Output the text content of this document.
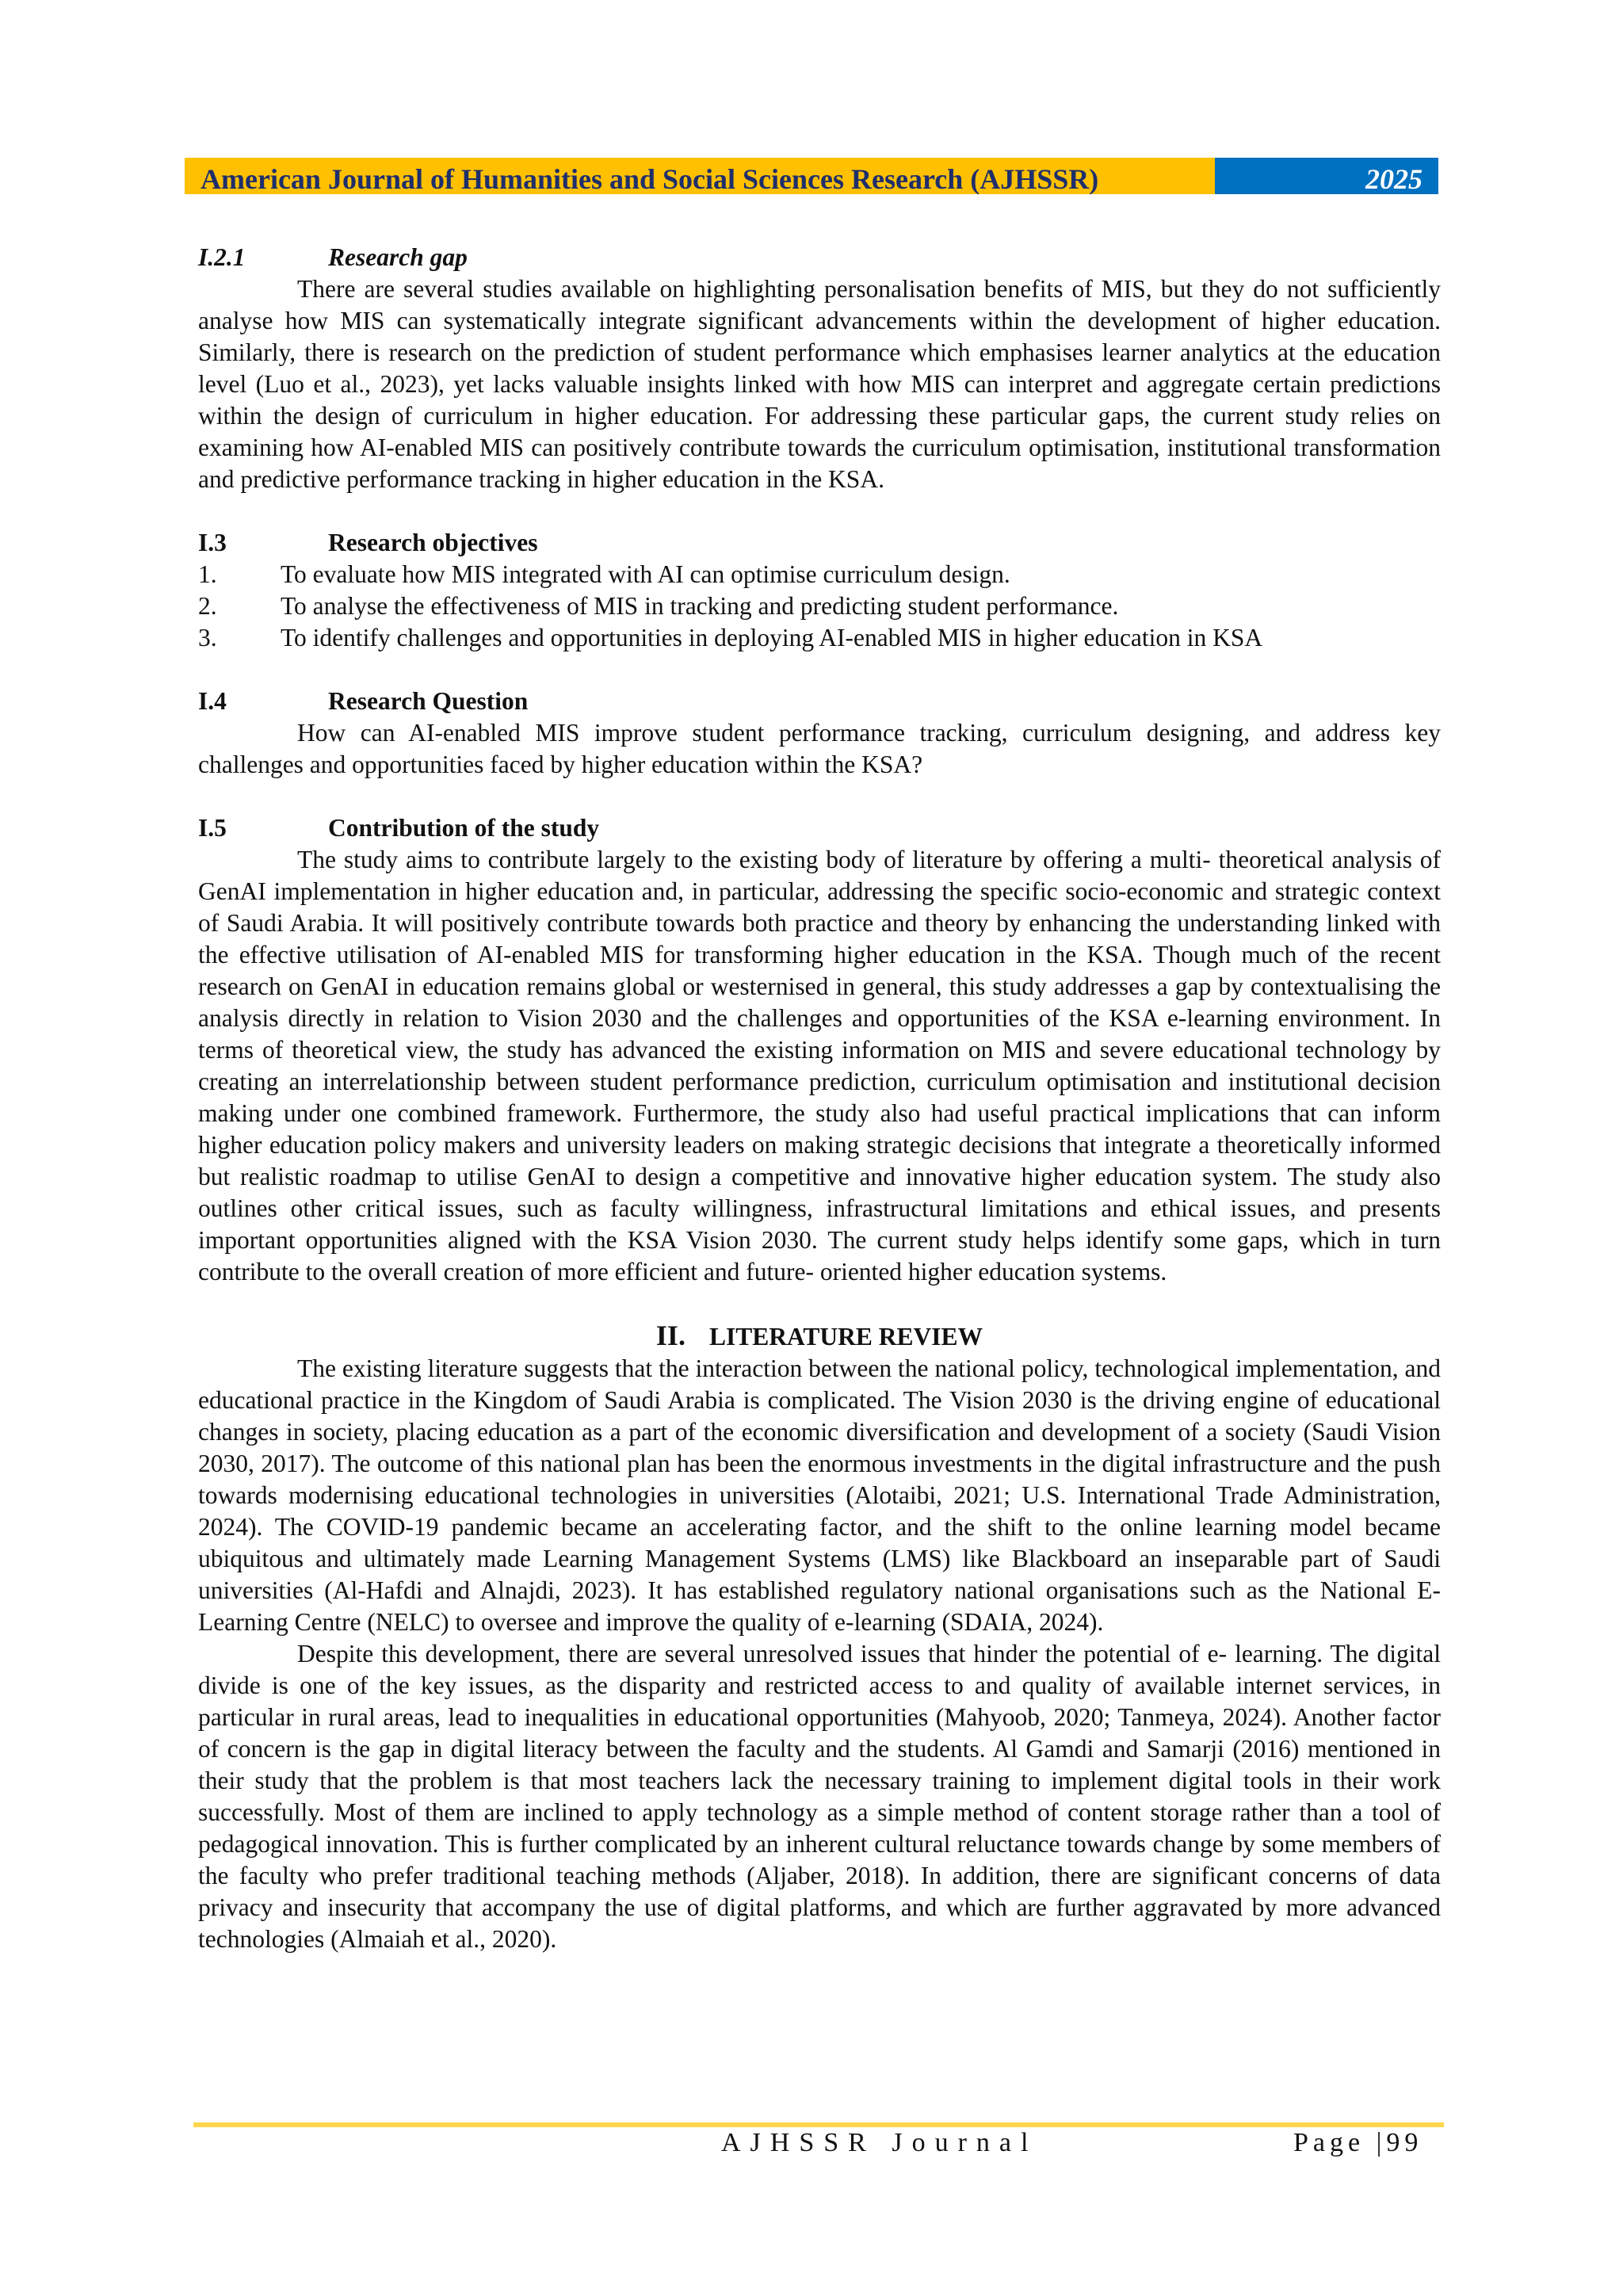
American Journal of Humanities and Social Sciences Research (AJHSSR)	2025
I.2.1	Research gap

There are several studies available on highlighting personalisation benefits of MIS, but they do not sufficiently analyse how MIS can systematically integrate significant advancements within the development of higher education. Similarly, there is research on the prediction of student performance which emphasises learner analytics at the education level (Luo et al., 2023), yet lacks valuable insights linked with how MIS can interpret and aggregate certain predictions within the design of curriculum in higher education. For addressing these particular gaps, the current study relies on examining how AI-enabled MIS can positively contribute towards the curriculum optimisation, institutional transformation and predictive performance tracking in higher education in the KSA.

I.3	Research objectives
1.	To evaluate how MIS integrated with AI can optimise curriculum design.
2.	To analyse the effectiveness of MIS in tracking and predicting student performance.
3.	To identify challenges and opportunities in deploying AI-enabled MIS in higher education in KSA
I.4	Research Question

How can AI-enabled MIS improve student performance tracking, curriculum designing, and address key challenges and opportunities faced by higher education within the KSA?

I.5	Contribution of the study

The study aims to contribute largely to the existing body of literature by offering a multi- theoretical analysis of GenAI implementation in higher education and, in particular, addressing the specific socio-economic and strategic context of Saudi Arabia. It will positively contribute towards both practice and theory by enhancing the understanding linked with the effective utilisation of AI-enabled MIS for transforming higher education in the KSA. Though much of the recent research on GenAI in education remains global or westernised in general, this study addresses a gap by contextualising the analysis directly in relation to Vision 2030 and the challenges and opportunities of the KSA e-learning environment. In terms of theoretical view, the study has advanced the existing information on MIS and severe educational technology by creating an interrelationship between student performance prediction, curriculum optimisation and institutional decision making under one combined framework. Furthermore, the study also had useful practical implications that can inform higher education policy makers and university leaders on making strategic decisions that integrate a theoretically informed but realistic roadmap to utilise GenAI to design a competitive and innovative higher education system. The study also outlines other critical issues, such as faculty willingness, infrastructural limitations and ethical issues, and presents important opportunities aligned with the KSA Vision 2030. The current study helps identify some gaps, which in turn contribute to the overall creation of more efficient and future- oriented higher education systems.

II. LITERATURE REVIEW

The existing literature suggests that the interaction between the national policy, technological implementation, and educational practice in the Kingdom of Saudi Arabia is complicated. The Vision 2030 is the driving engine of educational changes in society, placing education as a part of the economic diversification and development of a society (Saudi Vision 2030, 2017). The outcome of this national plan has been the enormous investments in the digital infrastructure and the push towards modernising educational technologies in universities (Alotaibi, 2021; U.S. International Trade Administration, 2024). The COVID-19 pandemic became an accelerating factor, and the shift to the online learning model became ubiquitous and ultimately made Learning Management Systems (LMS) like Blackboard an inseparable part of Saudi universities (Al-Hafdi and Alnajdi, 2023). It has established regulatory national organisations such as the National E- Learning Centre (NELC) to oversee and improve the quality of e-learning (SDAIA, 2024).

Despite this development, there are several unresolved issues that hinder the potential of e- learning. The digital divide is one of the key issues, as the disparity and restricted access to and quality of available internet services, in particular in rural areas, lead to inequalities in educational opportunities (Mahyoob, 2020; Tanmeya, 2024). Another factor of concern is the gap in digital literacy between the faculty and the students. Al Gamdi and Samarji (2016) mentioned in their study that the problem is that most teachers lack the necessary training to implement digital tools in their work successfully. Most of them are inclined to apply technology as a simple method of content storage rather than a tool of pedagogical innovation. This is further complicated by an inherent cultural reluctance towards change by some members of the faculty who prefer traditional teaching methods (Aljaber, 2018). In addition, there are significant concerns of data privacy and insecurity that accompany the use of digital platforms, and which are further aggravated by more advanced technologies (Almaiah et al., 2020).

AJHSSR Journal	Page |99
